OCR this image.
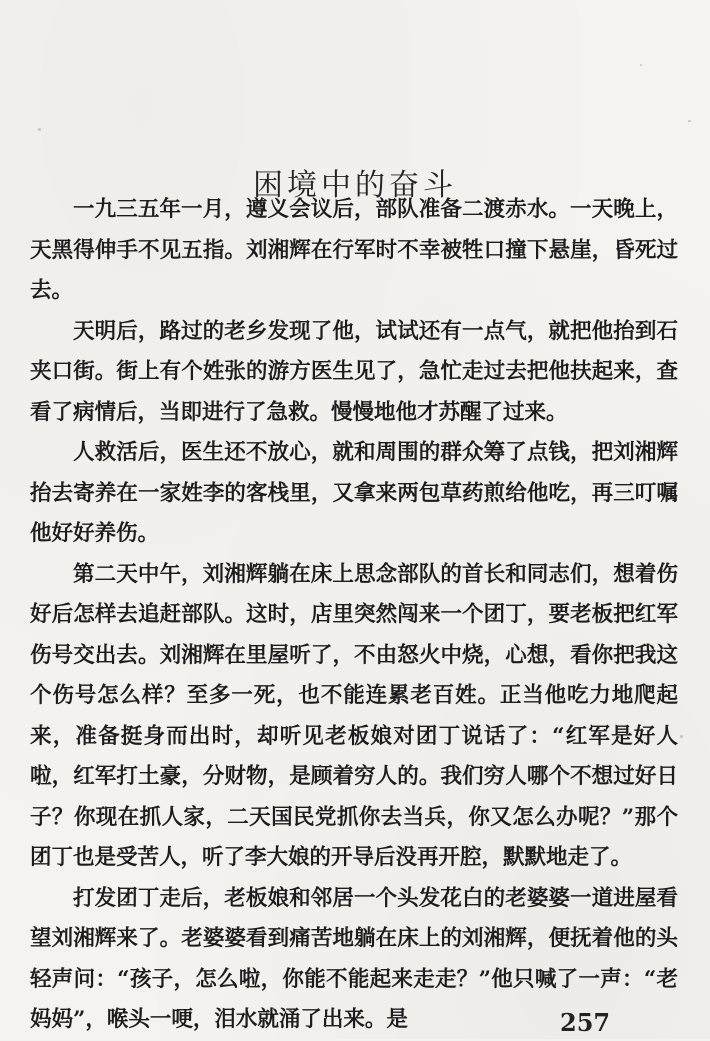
困境中的奋斗

一九三五年一月，遵义会议后，部队准备二渡赤水。一天晚上，天黑得伸手不见五指。刘湘辉在行军时不幸被牲口撞下悬崖，昏死过去。

天明后，路过的老乡发现了他，试试还有一点气，就把他抬到石夹口街。街上有个姓张的游方医生见了，急忙走过去把他扶起来，查看了病情后，当即进行了急救。慢慢地他才苏醒了过来。

人救活后，医生还不放心，就和周围的群众筹了点钱，把刘湘辉抬去寄养在一家姓李的客栈里，又拿来两包草药煎给他吃，再三叮嘱他好好养伤。

第二天中午，刘湘辉躺在床上思念部队的首长和同志们，想着伤好后怎样去追赶部队。这时，店里突然闯来一个团丁，要老板把红军伤号交出去。刘湘辉在里屋听了，不由怒火中烧，心想，看你把我这个伤号怎么样？至多一死，也不能连累老百姓。正当他吃力地爬起来，准备挺身而出时，却听见老板娘对团丁说话了：“红军是好人啦，红军打土豪，分财物，是顾着穷人的。我们穷人哪个不想过好日子？你现在抓人家，二天国民党抓你去当兵，你又怎么办呢？”那个团丁也是受苦人，听了李大娘的开导后没再开腔，默默地走了。

打发团丁走后，老板娘和邻居一个头发花白的老婆婆一道进屋看望刘湘辉来了。老婆婆看到痛苦地躺在床上的刘湘辉，便抚着他的头轻声问：“孩子，怎么啦，你能不能起来走走？”他只喊了一声：“老妈妈”，喉头一哽，泪水就涌了出来。是	257
